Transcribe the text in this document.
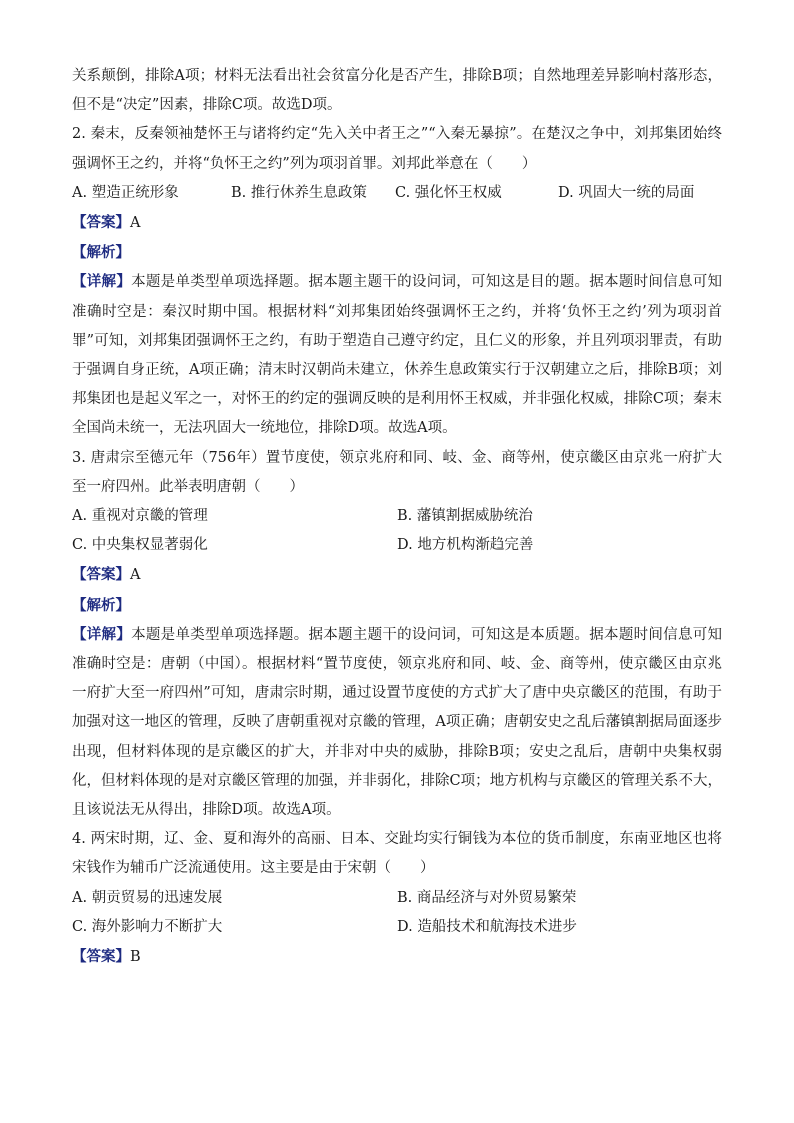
关系颠倒，排除A项；材料无法看出社会贫富分化是否产生，排除B项；自然地理差异影响村落形态，但不是“决定”因素，排除C项。故选D项。

2. 秦末，反秦领袖楚怀王与诸将约定“先入关中者王之”“入秦无暴掠”。在楚汉之争中，刘邦集团始终强调怀王之约，并将“负怀王之约”列为项羽首罪。刘邦此举意在（　　）

A. 塑造正统形象	B. 推行休养生息政策	C. 强化怀王权威	D. 巩固大一统的局面
【答案】A
【解析】

【详解】本题是单类型单项选择题。据本题主题干的设问词，可知这是目的题。据本题时间信息可知准确时空是：秦汉时期中国。根据材料“刘邦集团始终强调怀王之约，并将‘负怀王之约’列为项羽首罪”可知，刘邦集团强调怀王之约，有助于塑造自己遵守约定，且仁义的形象，并且列项羽罪责，有助于强调自身正统，A项正确；清末时汉朝尚未建立，休养生息政策实行于汉朝建立之后，排除B项；刘邦集团也是起义军之一，对怀王的约定的强调反映的是利用怀王权威，并非强化权威，排除C项；秦末全国尚未统一，无法巩固大一统地位，排除D项。故选A项。

3. 唐肃宗至德元年（756年）置节度使，领京兆府和同、岐、金、商等州，使京畿区由京兆一府扩大至一府四州。此举表明唐朝（　　）

A. 重视对京畿的管理	B. 藩镇割据威胁统治
C. 中央集权显著弱化	D. 地方机构渐趋完善
【答案】A
【解析】

【详解】本题是单类型单项选择题。据本题主题干的设问词，可知这是本质题。据本题时间信息可知准确时空是：唐朝（中国）。根据材料“置节度使，领京兆府和同、岐、金、商等州，使京畿区由京兆一府扩大至一府四州”可知，唐肃宗时期，通过设置节度使的方式扩大了唐中央京畿区的范围，有助于加强对这一地区的管理，反映了唐朝重视对京畿的管理，A项正确；唐朝安史之乱后藩镇割据局面逐步出现，但材料体现的是京畿区的扩大，并非对中央的威胁，排除B项；安史之乱后，唐朝中央集权弱化，但材料体现的是对京畿区管理的加强，并非弱化，排除C项；地方机构与京畿区的管理关系不大，且该说法无从得出，排除D项。故选A项。

4. 两宋时期，辽、金、夏和海外的高丽、日本、交趾均实行铜钱为本位的货币制度，东南亚地区也将宋钱作为辅币广泛流通使用。这主要是由于宋朝（　　）

A. 朝贡贸易的迅速发展	B. 商品经济与对外贸易繁荣
C. 海外影响力不断扩大	D. 造船技术和航海技术进步
【答案】B
